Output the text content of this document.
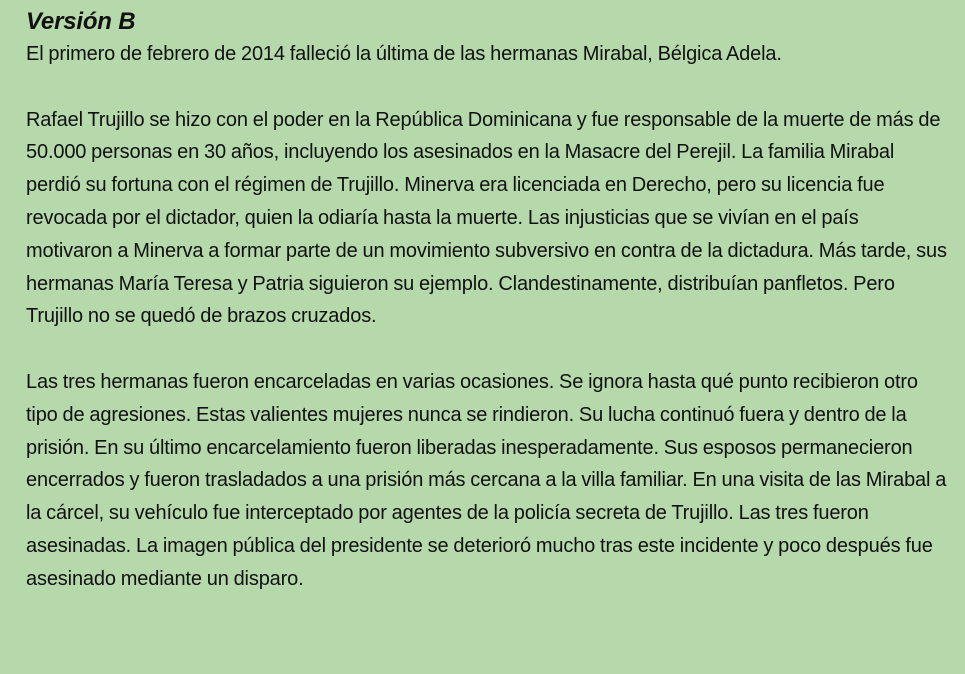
Versión B

El primero de febrero de 2014 falleció la última de las hermanas Mirabal, Bélgica Adela.

Rafael Trujillo se hizo con el poder en la República Dominicana y fue responsable de la muerte de más de 50.000 personas en 30 años, incluyendo los asesinados en la Masacre del Perejil. La familia Mirabal perdió su fortuna con el régimen de Trujillo. Minerva era licenciada en Derecho, pero su licencia fue revocada por el dictador, quien la odiaría hasta la muerte. Las injusticias que se vivían en el país motivaron a Minerva a formar parte de un movimiento subversivo en contra de la dictadura. Más tarde, sus hermanas María Teresa y Patria siguieron su ejemplo. Clandestinamente, distribuían panfletos. Pero Trujillo no se quedó de brazos cruzados.

Las tres hermanas fueron encarceladas en varias ocasiones. Se ignora hasta qué punto recibieron otro tipo de agresiones. Estas valientes mujeres nunca se rindieron. Su lucha continuó fuera y dentro de la prisión. En su último encarcelamiento fueron liberadas inesperadamente. Sus esposos permanecieron encerrados y fueron trasladados a una prisión más cercana a la villa familiar. En una visita de las Mirabal a la cárcel, su vehículo fue interceptado por agentes de la policía secreta de Trujillo. Las tres fueron asesinadas. La imagen pública del presidente se deterioró mucho tras este incidente y poco después fue asesinado mediante un disparo.
